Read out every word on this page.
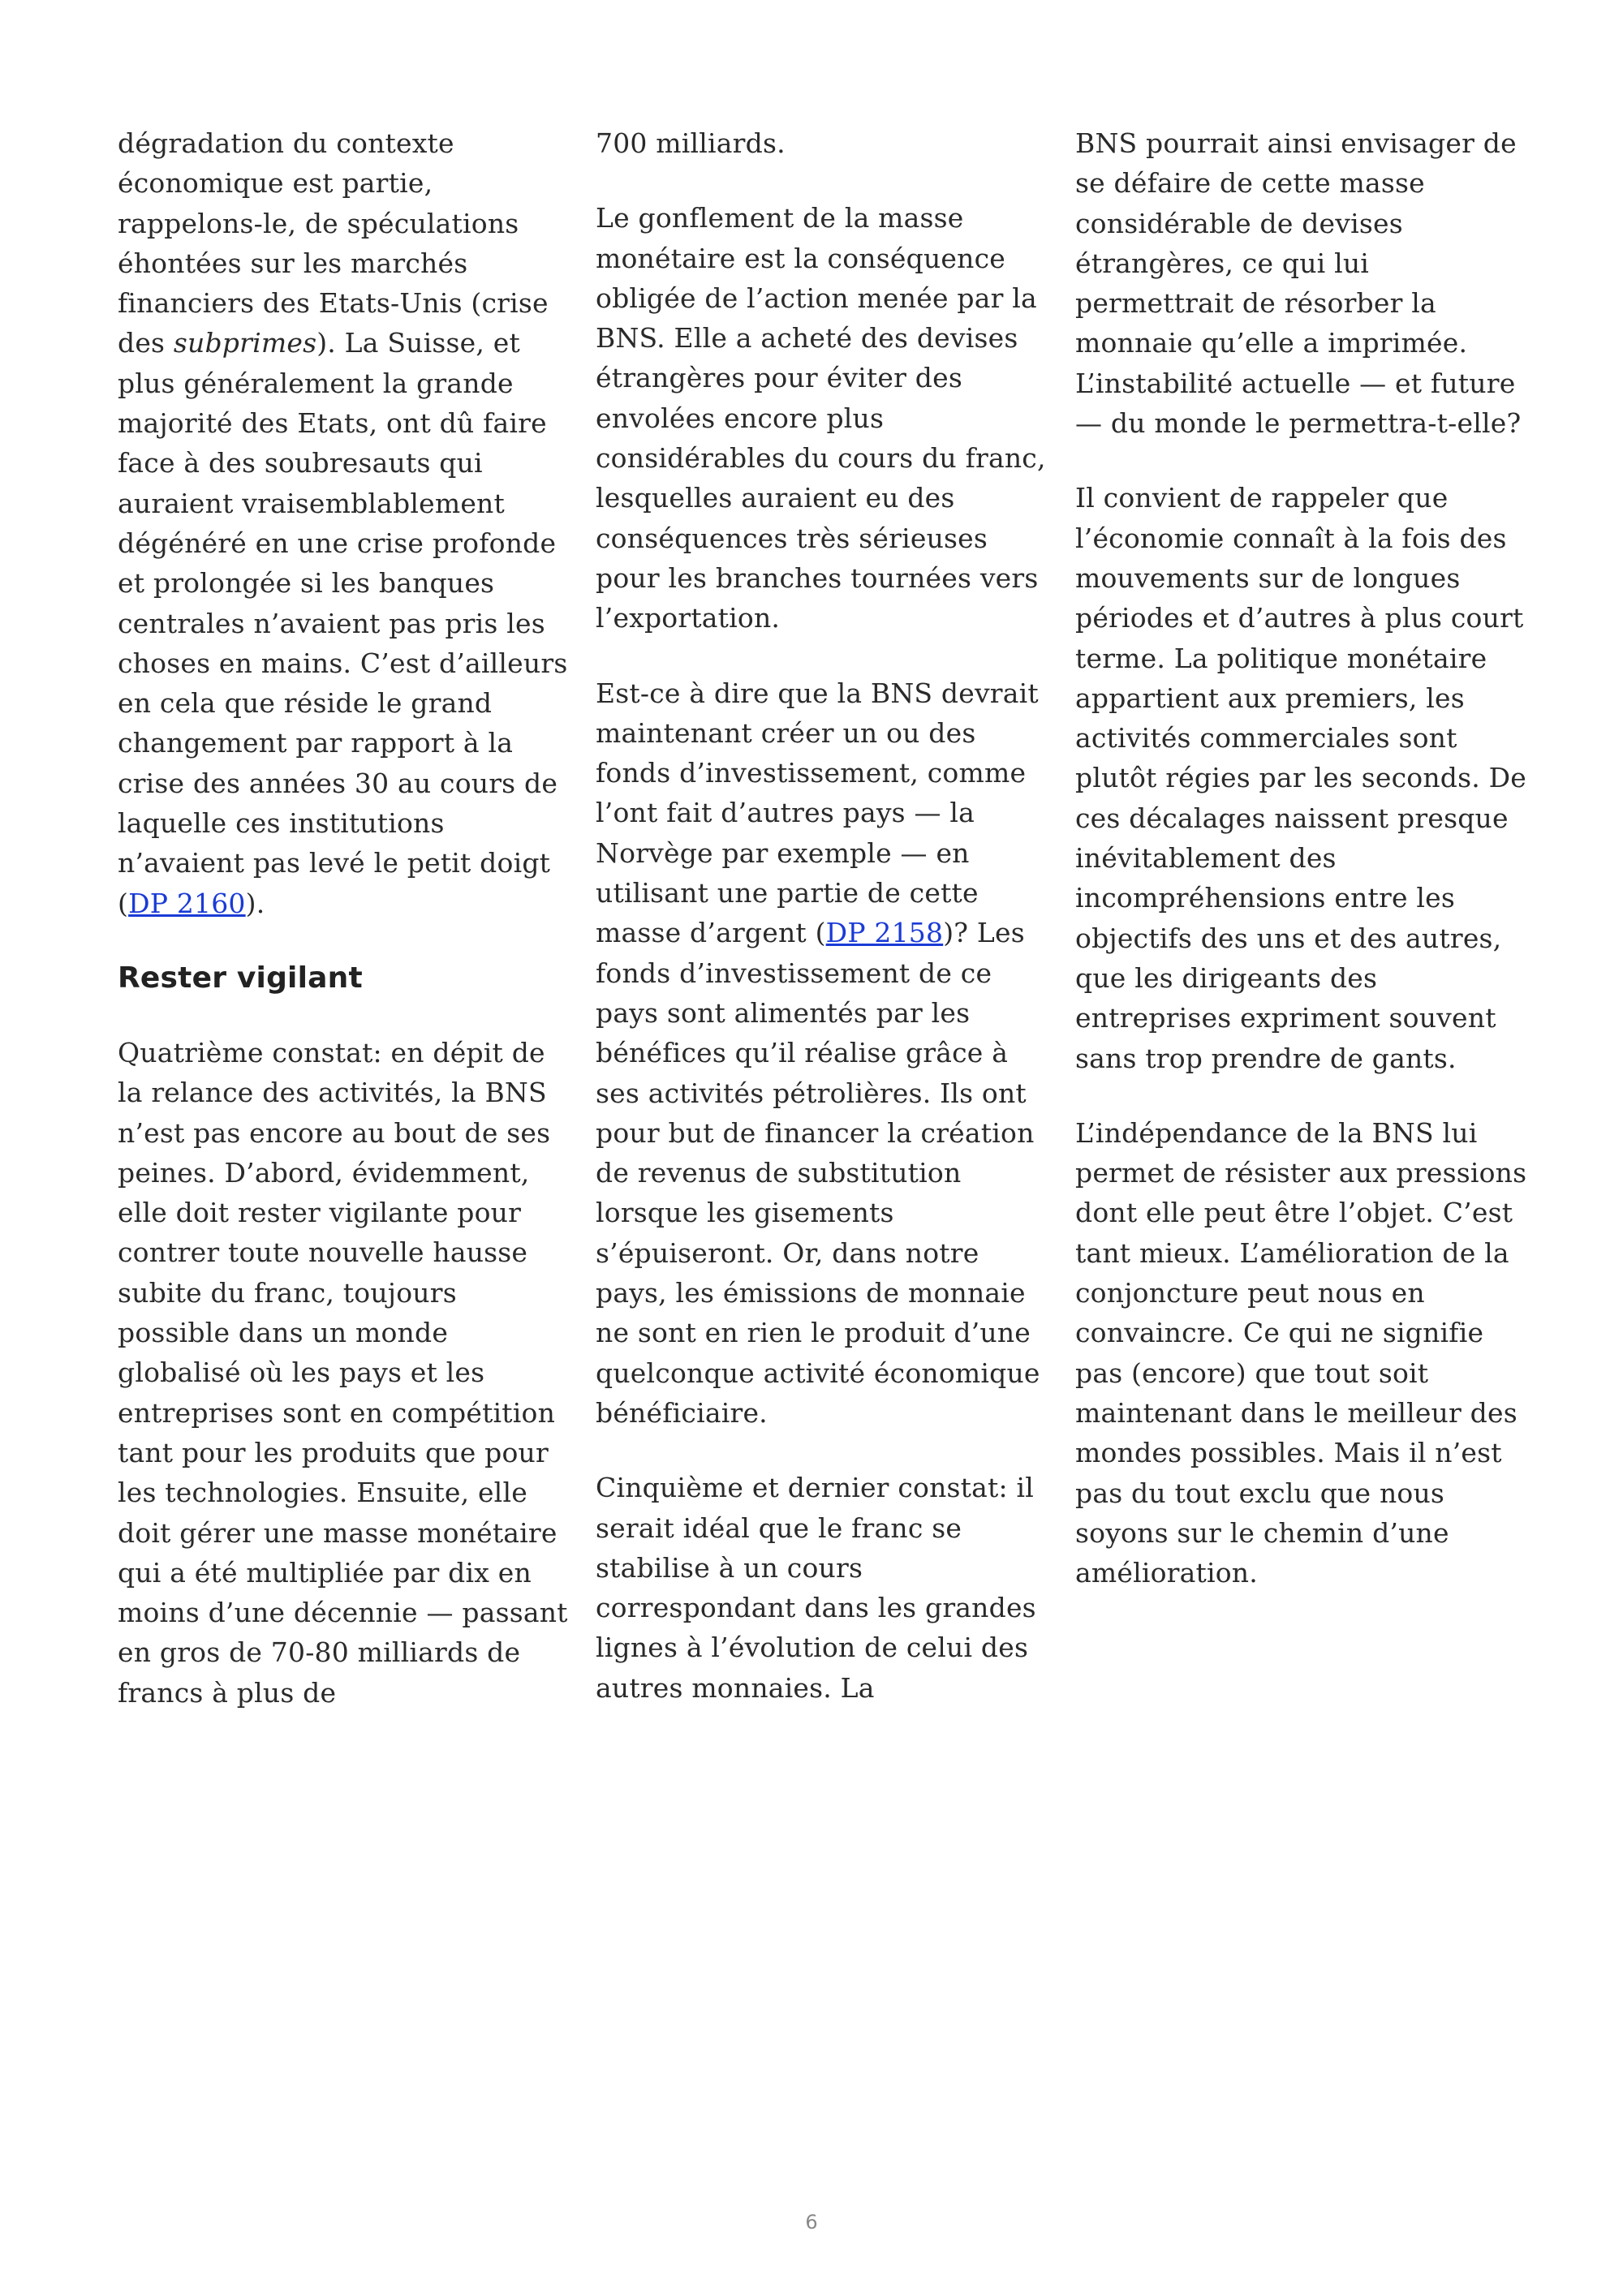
dégradation du contexte économique est partie, rappelons-le, de spéculations éhontées sur les marchés financiers des Etats-Unis (crise des subprimes). La Suisse, et plus généralement la grande majorité des Etats, ont dû faire face à des soubresauts qui auraient vraisemblablement dégénéré en une crise profonde et prolongée si les banques centrales n’avaient pas pris les choses en mains. C’est d’ailleurs en cela que réside le grand changement par rapport à la crise des années 30 au cours de laquelle ces institutions n’avaient pas levé le petit doigt (DP 2160).

Rester vigilant

Quatrième constat: en dépit de la relance des activités, la BNS n’est pas encore au bout de ses peines. D’abord, évidemment, elle doit rester vigilante pour contrer toute nouvelle hausse subite du franc, toujours possible dans un monde globalisé où les pays et les entreprises sont en compétition tant pour les produits que pour les technologies. Ensuite, elle doit gérer une masse monétaire qui a été multipliée par dix en moins d’une décennie — passant en gros de 70-80 milliards de francs à plus de

700 milliards.

Le gonflement de la masse monétaire est la conséquence obligée de l’action menée par la BNS. Elle a acheté des devises étrangères pour éviter des envolées encore plus considérables du cours du franc, lesquelles auraient eu des conséquences très sérieuses pour les branches tournées vers l’exportation.

Est-ce à dire que la BNS devrait maintenant créer un ou des fonds d’investissement, comme l’ont fait d’autres pays — la Norvège par exemple — en utilisant une partie de cette masse d’argent (DP 2158)? Les fonds d’investissement de ce pays sont alimentés par les bénéfices qu’il réalise grâce à ses activités pétrolières. Ils ont pour but de financer la création de revenus de substitution lorsque les gisements s’épuiseront. Or, dans notre pays, les émissions de monnaie ne sont en rien le produit d’une quelconque activité économique bénéficiaire.

Cinquième et dernier constat: il serait idéal que le franc se stabilise à un cours correspondant dans les grandes lignes à l’évolution de celui des autres monnaies. La

BNS pourrait ainsi envisager de se défaire de cette masse considérable de devises étrangères, ce qui lui permettrait de résorber la monnaie qu’elle a imprimée. L’instabilité actuelle — et future — du monde le permettra-t-elle?

Il convient de rappeler que l’économie connaît à la fois des mouvements sur de longues périodes et d’autres à plus court terme. La politique monétaire appartient aux premiers, les activités commerciales sont plutôt régies par les seconds. De ces décalages naissent presque inévitablement des incompréhensions entre les objectifs des uns et des autres, que les dirigeants des entreprises expriment souvent sans trop prendre de gants.

L’indépendance de la BNS lui permet de résister aux pressions dont elle peut être l’objet. C’est tant mieux. L’amélioration de la conjoncture peut nous en convaincre. Ce qui ne signifie pas (encore) que tout soit maintenant dans le meilleur des mondes possibles. Mais il n’est pas du tout exclu que nous soyons sur le chemin d’une amélioration.

6
